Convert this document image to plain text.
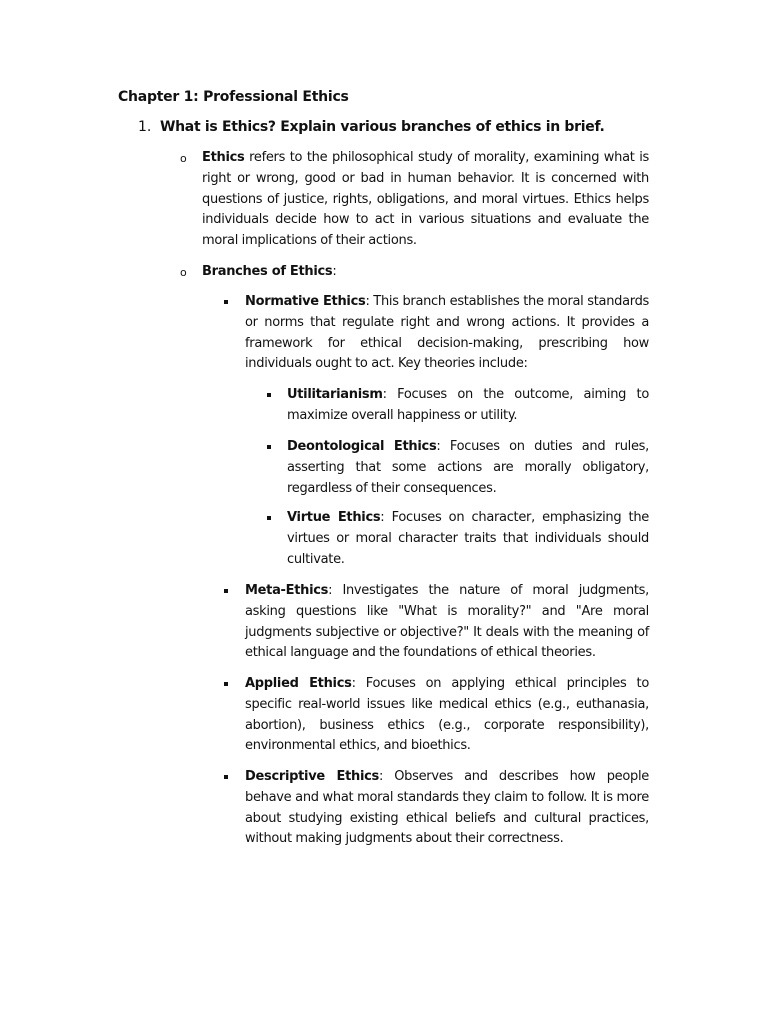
Chapter 1: Professional Ethics
1. What is Ethics? Explain various branches of ethics in brief.
o Ethics refers to the philosophical study of morality, examining what is right or wrong, good or bad in human behavior. It is concerned with questions of justice, rights, obligations, and moral virtues. Ethics helps individuals decide how to act in various situations and evaluate the moral implications of their actions.

o Branches of Ethics:

Normative Ethics: This branch establishes the moral standards or norms that regulate right and wrong actions. It provides a framework for ethical decision-making, prescribing how individuals ought to act. Key theories include:

Utilitarianism: Focuses on the outcome, aiming to maximize overall happiness or utility.

Deontological Ethics: Focuses on duties and rules, asserting that some actions are morally obligatory, regardless of their consequences.

Virtue Ethics: Focuses on character, emphasizing the virtues or moral character traits that individuals should cultivate.

Meta-Ethics: Investigates the nature of moral judgments, asking questions like "What is morality?" and "Are moral judgments subjective or objective?" It deals with the meaning of ethical language and the foundations of ethical theories.

Applied Ethics: Focuses on applying ethical principles to specific real-world issues like medical ethics (e.g., euthanasia, abortion), business ethics (e.g., corporate responsibility), environmental ethics, and bioethics.

Descriptive Ethics: Observes and describes how people behave and what moral standards they claim to follow. It is more about studying existing ethical beliefs and cultural practices, without making judgments about their correctness.
